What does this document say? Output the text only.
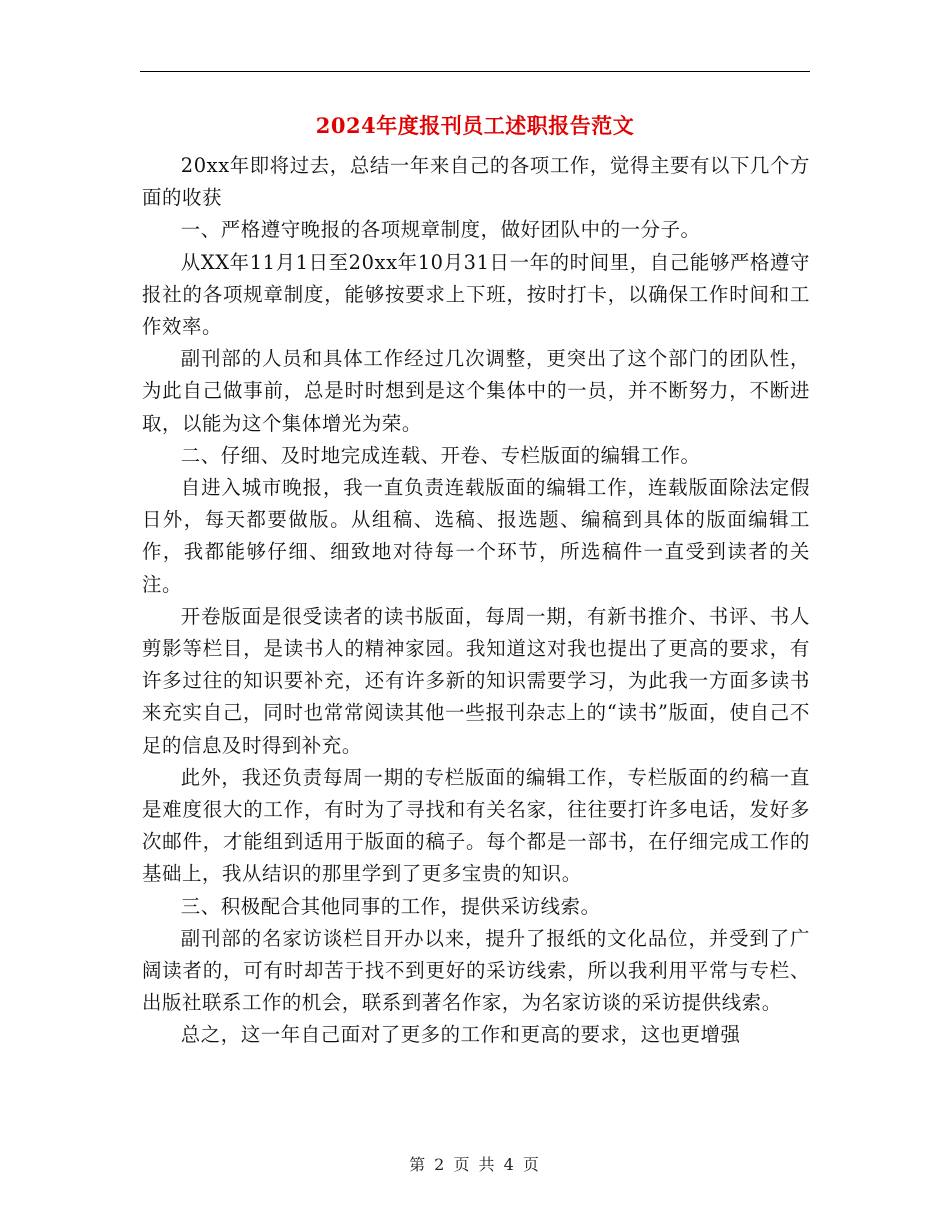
2024年度报刊员工述职报告范文

20xx年即将过去，总结一年来自己的各项工作，觉得主要有以下几个方面的收获

一、严格遵守晚报的各项规章制度，做好团队中的一分子。

从XX年11月1日至20xx年10月31日一年的时间里，自己能够严格遵守报社的各项规章制度，能够按要求上下班，按时打卡，以确保工作时间和工作效率。

副刊部的人员和具体工作经过几次调整，更突出了这个部门的团队性，为此自己做事前，总是时时想到是这个集体中的一员，并不断努力，不断进取，以能为这个集体增光为荣。

二、仔细、及时地完成连载、开卷、专栏版面的编辑工作。

自进入城市晚报，我一直负责连载版面的编辑工作，连载版面除法定假日外，每天都要做版。从组稿、选稿、报选题、编稿到具体的版面编辑工作，我都能够仔细、细致地对待每一个环节，所选稿件一直受到读者的关注。

开卷版面是很受读者的读书版面，每周一期，有新书推介、书评、书人剪影等栏目，是读书人的精神家园。我知道这对我也提出了更高的要求，有许多过往的知识要补充，还有许多新的知识需要学习，为此我一方面多读书来充实自己，同时也常常阅读其他一些报刊杂志上的“读书”版面，使自己不足的信息及时得到补充。

此外，我还负责每周一期的专栏版面的编辑工作，专栏版面的约稿一直是难度很大的工作，有时为了寻找和有关名家，往往要打许多电话，发好多次邮件，才能组到适用于版面的稿子。每个都是一部书，在仔细完成工作的基础上，我从结识的那里学到了更多宝贵的知识。

三、积极配合其他同事的工作，提供采访线索。

副刊部的名家访谈栏目开办以来，提升了报纸的文化品位，并受到了广阔读者的，可有时却苦于找不到更好的采访线索，所以我利用平常与专栏、出版社联系工作的机会，联系到著名作家，为名家访谈的采访提供线索。

总之，这一年自己面对了更多的工作和更高的要求，这也更增强

第 2 页 共 4 页
